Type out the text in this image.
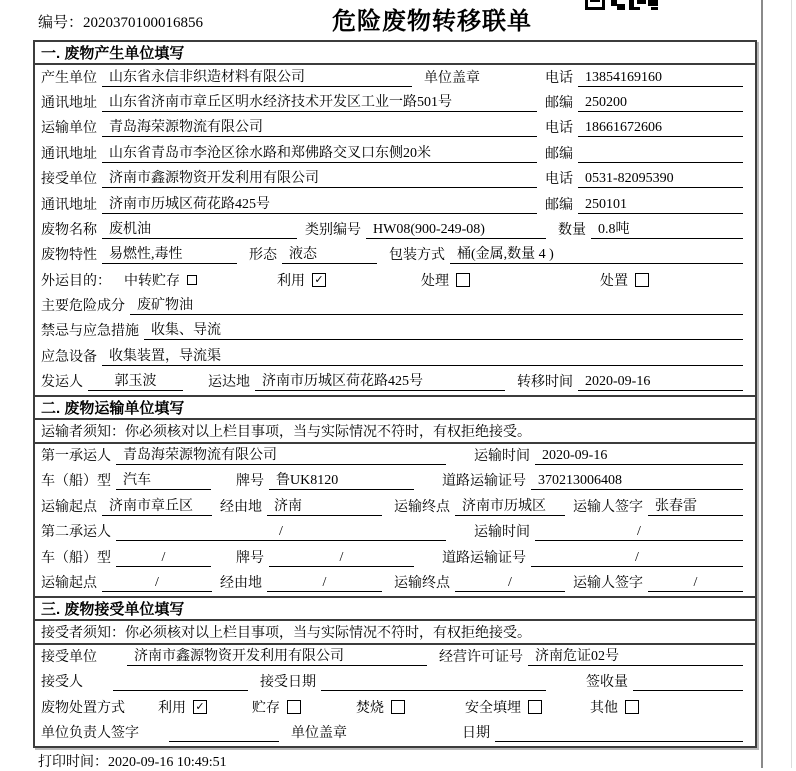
编号：2020370100016856	危险废物转移联单
一. 废物产生单位填写
产生单位 山东省永信非织造材料有限公司	单位盖章	电话 13854169160
通讯地址 山东省济南市章丘区明水经济技术开发区工业一路501号	邮编 250200
运输单位 青岛海荣源物流有限公司	电话 18661672606
通讯地址 山东省青岛市李沧区徐水路和郑佛路交叉口东侧20米	邮编
接受单位 济南市鑫源物资开发利用有限公司	电话 0531-82095390
通讯地址 济南市历城区荷花路425号	邮编 250101
废物名称 废机油	类别编号 HW08(900-249-08)	数量 0.8吨
废物特性 易燃性,毒性	形态 液态	包装方式 桶(金属,数量 4 )
外运目的： 中转贮存	利用 ✓	处理	处置
主要危险成分 废矿物油
禁忌与应急措施 收集、导流
应急设备 收集装置，导流渠
发运人	郭玉波	运达地 济南市历城区荷花路425号	转移时间 2020-09-16
二. 废物运输单位填写
运输者须知：你必须核对以上栏目事项，当与实际情况不符时，有权拒绝接受。
第一承运人 青岛海荣源物流有限公司	运输时间 2020-09-16
车（船）型 汽车	牌号 鲁UK8120	道路运输证号 370213006408
运输起点 济南市章丘区	经由地 济南	运输终点 济南市历城区	运输人签字 张春雷
第二承运人	/	运输时间	/
车（船）型	/	牌号	/	道路运输证号	/
运输起点	/	经由地	/	运输终点	/	运输人签字	/
三. 废物接受单位填写
接受者须知：你必须核对以上栏目事项，当与实际情况不符时，有权拒绝接受。
接受单位	济南市鑫源物资开发利用有限公司	经营许可证号 济南危证02号
接受人	接受日期	签收量
废物处置方式 利用 ✓	贮存	焚烧	安全填埋	其他
单位负责人签字	单位盖章	日期
打印时间：2020-09-16 10:49:51
